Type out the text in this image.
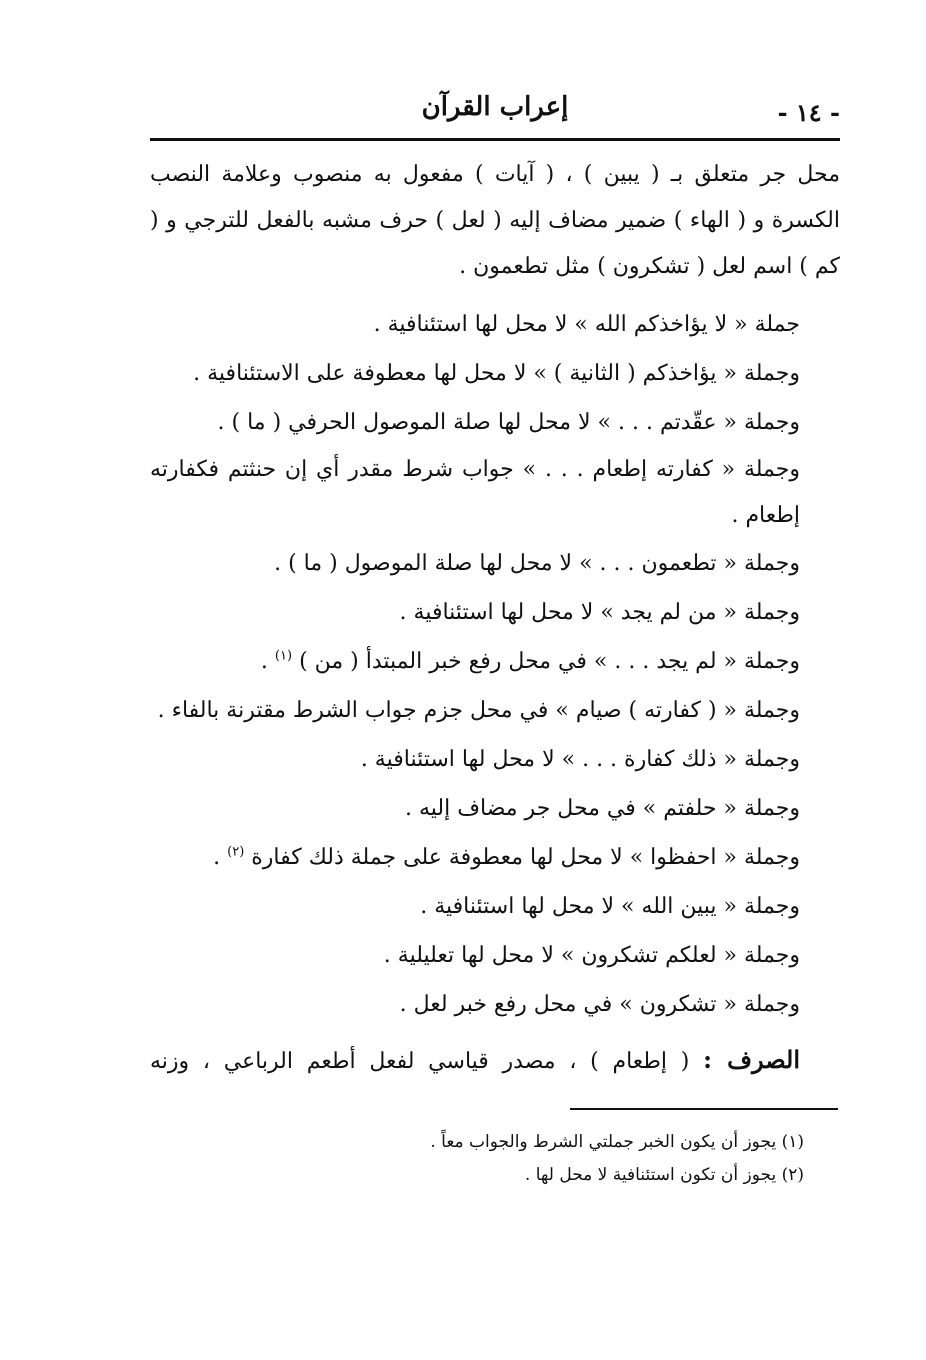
- ١٤ -
إعراب القرآن

محل جر متعلق بـ ( يبين ) ، ( آيات ) مفعول به منصوب وعلامة النصب الكسرة و ( الهاء ) ضمير مضاف إليه ( لعل ) حرف مشبه بالفعل للترجي و ( كم ) اسم لعل ( تشكرون ) مثل تطعمون .

جملة « لا يؤاخذكم الله » لا محل لها استئنافية .

وجملة « يؤاخذكم ( الثانية ) » لا محل لها معطوفة على الاستئنافية .

وجملة « عقّدتم . . . » لا محل لها صلة الموصول الحرفي ( ما ) .

وجملة « كفارته إطعام . . . » جواب شرط مقدر أي إن حنثتم فكفارته إطعام .

وجملة « تطعمون . . . » لا محل لها صلة الموصول ( ما ) .

وجملة « من لم يجد » لا محل لها استئنافية .

وجملة « لم يجد . . . » في محل رفع خبر المبتدأ ( من ) $^{(١)}$ .

وجملة « ( كفارته ) صيام » في محل جزم جواب الشرط مقترنة بالفاء .

وجملة « ذلك كفارة . . . » لا محل لها استئنافية .

وجملة « حلفتم » في محل جر مضاف إليه .

وجملة « احفظوا » لا محل لها معطوفة على جملة ذلك كفارة $^{(٢)}$ .

وجملة « يبين الله » لا محل لها استئنافية .

وجملة « لعلكم تشكرون » لا محل لها تعليلية .

وجملة « تشكرون » في محل رفع خبر لعل .

الصرف : ( إطعام ) ، مصدر قياسي لفعل أطعم الرباعي ، وزنه

(١) يجوز أن يكون الخبر جملتي الشرط والجواب معاً .

(٢) يجوز أن تكون استئنافية لا محل لها .
